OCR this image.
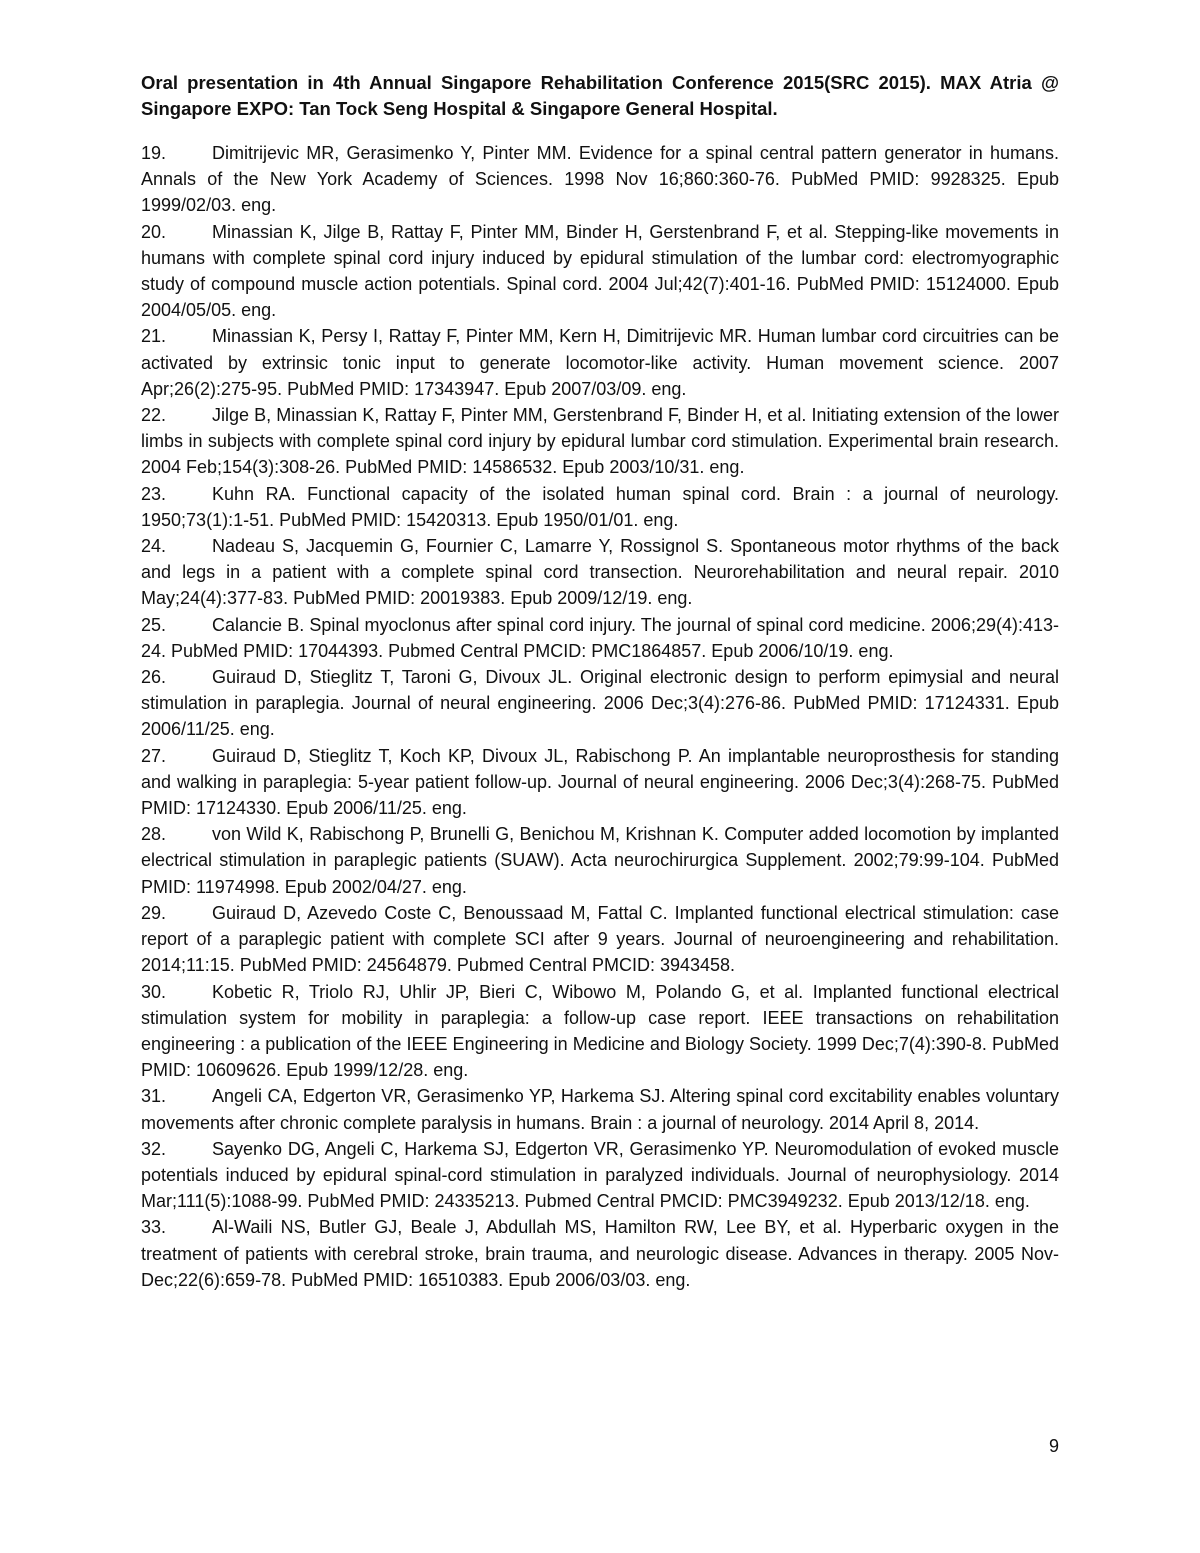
Oral presentation in 4th Annual Singapore Rehabilitation Conference 2015(SRC 2015). MAX Atria @ Singapore EXPO: Tan Tock Seng Hospital & Singapore General Hospital.

19.	Dimitrijevic MR, Gerasimenko Y, Pinter MM. Evidence for a spinal central pattern generator in humans. Annals of the New York Academy of Sciences. 1998 Nov 16;860:360-76. PubMed PMID: 9928325. Epub 1999/02/03. eng.
20.	Minassian K, Jilge B, Rattay F, Pinter MM, Binder H, Gerstenbrand F, et al. Stepping-like movements in humans with complete spinal cord injury induced by epidural stimulation of the lumbar cord: electromyographic study of compound muscle action potentials. Spinal cord. 2004 Jul;42(7):401-16. PubMed PMID: 15124000. Epub 2004/05/05. eng.
21.	Minassian K, Persy I, Rattay F, Pinter MM, Kern H, Dimitrijevic MR. Human lumbar cord circuitries can be activated by extrinsic tonic input to generate locomotor-like activity. Human movement science. 2007 Apr;26(2):275-95. PubMed PMID: 17343947. Epub 2007/03/09. eng.
22.	Jilge B, Minassian K, Rattay F, Pinter MM, Gerstenbrand F, Binder H, et al. Initiating extension of the lower limbs in subjects with complete spinal cord injury by epidural lumbar cord stimulation. Experimental brain research. 2004 Feb;154(3):308-26. PubMed PMID: 14586532. Epub 2003/10/31. eng.
23.	Kuhn RA. Functional capacity of the isolated human spinal cord. Brain : a journal of neurology. 1950;73(1):1-51. PubMed PMID: 15420313. Epub 1950/01/01. eng.
24.	Nadeau S, Jacquemin G, Fournier C, Lamarre Y, Rossignol S. Spontaneous motor rhythms of the back and legs in a patient with a complete spinal cord transection. Neurorehabilitation and neural repair. 2010 May;24(4):377-83. PubMed PMID: 20019383. Epub 2009/12/19. eng.
25.	Calancie B. Spinal myoclonus after spinal cord injury. The journal of spinal cord medicine. 2006;29(4):413-24. PubMed PMID: 17044393. Pubmed Central PMCID: PMC1864857. Epub 2006/10/19. eng.
26.	Guiraud D, Stieglitz T, Taroni G, Divoux JL. Original electronic design to perform epimysial and neural stimulation in paraplegia. Journal of neural engineering. 2006 Dec;3(4):276-86. PubMed PMID: 17124331. Epub 2006/11/25. eng.
27.	Guiraud D, Stieglitz T, Koch KP, Divoux JL, Rabischong P. An implantable neuroprosthesis for standing and walking in paraplegia: 5-year patient follow-up. Journal of neural engineering. 2006 Dec;3(4):268-75. PubMed PMID: 17124330. Epub 2006/11/25. eng.
28.	von Wild K, Rabischong P, Brunelli G, Benichou M, Krishnan K. Computer added locomotion by implanted electrical stimulation in paraplegic patients (SUAW). Acta neurochirurgica Supplement. 2002;79:99-104. PubMed PMID: 11974998. Epub 2002/04/27. eng.
29.	Guiraud D, Azevedo Coste C, Benoussaad M, Fattal C. Implanted functional electrical stimulation: case report of a paraplegic patient with complete SCI after 9 years. Journal of neuroengineering and rehabilitation. 2014;11:15. PubMed PMID: 24564879. Pubmed Central PMCID: 3943458.
30.	Kobetic R, Triolo RJ, Uhlir JP, Bieri C, Wibowo M, Polando G, et al. Implanted functional electrical stimulation system for mobility in paraplegia: a follow-up case report. IEEE transactions on rehabilitation engineering : a publication of the IEEE Engineering in Medicine and Biology Society. 1999 Dec;7(4):390-8. PubMed PMID: 10609626. Epub 1999/12/28. eng.
31.	Angeli CA, Edgerton VR, Gerasimenko YP, Harkema SJ. Altering spinal cord excitability enables voluntary movements after chronic complete paralysis in humans. Brain : a journal of neurology. 2014 April 8, 2014.
32.	Sayenko DG, Angeli C, Harkema SJ, Edgerton VR, Gerasimenko YP. Neuromodulation of evoked muscle potentials induced by epidural spinal-cord stimulation in paralyzed individuals. Journal of neurophysiology. 2014 Mar;111(5):1088-99. PubMed PMID: 24335213. Pubmed Central PMCID: PMC3949232. Epub 2013/12/18. eng.
33.	Al-Waili NS, Butler GJ, Beale J, Abdullah MS, Hamilton RW, Lee BY, et al. Hyperbaric oxygen in the treatment of patients with cerebral stroke, brain trauma, and neurologic disease. Advances in therapy. 2005 Nov-Dec;22(6):659-78. PubMed PMID: 16510383. Epub 2006/03/03. eng.
9
